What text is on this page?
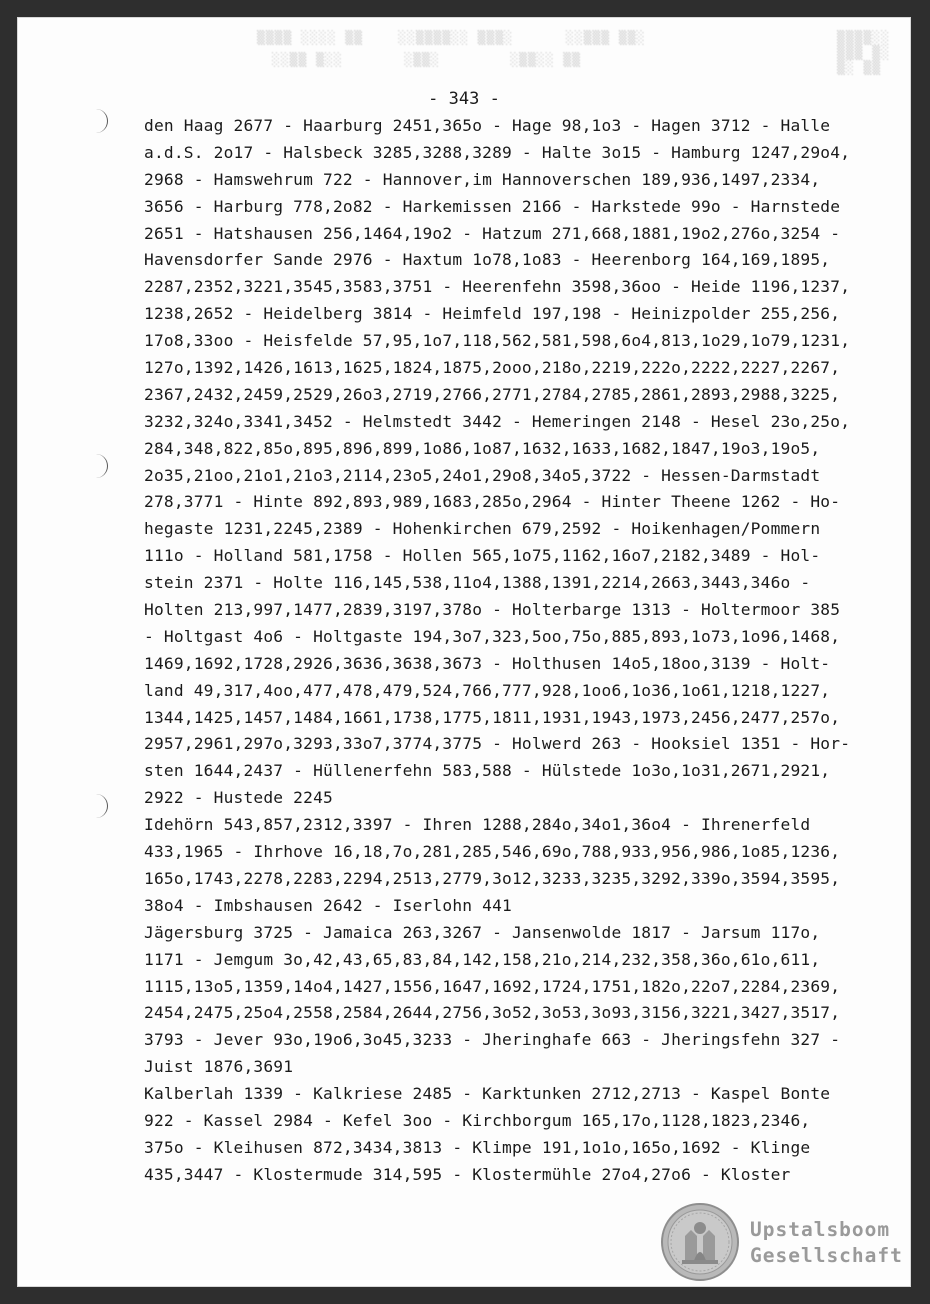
▒▒▒▒ ░░░░ ▒▒    ░░▒▒▒▒░░ ▒▒▒░      ░░▒▒▒ ▒▒░
░░▒▒ ▒░░       ░▒▒░        ░▒▒░░ ▒▒
▒▒▒▒░░
▒▒▒ ▒░
▒░ ▒▒
- 343 -
den Haag 2677 - Haarburg 2451,365o - Hage 98,1o3 - Hagen 3712 - Halle
a.d.S. 2o17 - Halsbeck 3285,3288,3289 - Halte 3o15 - Hamburg 1247,29o4,
2968 - Hamswehrum 722 - Hannover,im Hannoverschen 189,936,1497,2334,
3656 - Harburg 778,2o82 - Harkemissen 2166 - Harkstede 99o - Harnstede
2651 - Hatshausen 256,1464,19o2 - Hatzum 271,668,1881,19o2,276o,3254 -
Havensdorfer Sande 2976 - Haxtum 1o78,1o83 - Heerenborg 164,169,1895,
2287,2352,3221,3545,3583,3751 - Heerenfehn 3598,36oo - Heide 1196,1237,
1238,2652 - Heidelberg 3814 - Heimfeld 197,198 - Heinizpolder 255,256,
17o8,33oo - Heisfelde 57,95,1o7,118,562,581,598,6o4,813,1o29,1o79,1231,
127o,1392,1426,1613,1625,1824,1875,2ooo,218o,2219,222o,2222,2227,2267,
2367,2432,2459,2529,26o3,2719,2766,2771,2784,2785,2861,2893,2988,3225,
3232,324o,3341,3452 - Helmstedt 3442 - Hemeringen 2148 - Hesel 23o,25o,
284,348,822,85o,895,896,899,1o86,1o87,1632,1633,1682,1847,19o3,19o5,
2o35,21oo,21o1,21o3,2114,23o5,24o1,29o8,34o5,3722 - Hessen-Darmstadt
278,3771 - Hinte 892,893,989,1683,285o,2964 - Hinter Theene 1262 - Ho-
hegaste 1231,2245,2389 - Hohenkirchen 679,2592 - Hoikenhagen/Pommern
111o - Holland 581,1758 - Hollen 565,1o75,1162,16o7,2182,3489 - Hol-
stein 2371 - Holte 116,145,538,11o4,1388,1391,2214,2663,3443,346o -
Holten 213,997,1477,2839,3197,378o - Holterbarge 1313 - Holtermoor 385
- Holtgast 4o6 - Holtgaste 194,3o7,323,5oo,75o,885,893,1o73,1o96,1468,
1469,1692,1728,2926,3636,3638,3673 - Holthusen 14o5,18oo,3139 - Holt-
land 49,317,4oo,477,478,479,524,766,777,928,1oo6,1o36,1o61,1218,1227,
1344,1425,1457,1484,1661,1738,1775,1811,1931,1943,1973,2456,2477,257o,
2957,2961,297o,3293,33o7,3774,3775 - Holwerd 263 - Hooksiel 1351 - Hor-
sten 1644,2437 - Hüllenerfehn 583,588 - Hülstede 1o3o,1o31,2671,2921,
2922 - Hustede 2245
Idehörn 543,857,2312,3397 - Ihren 1288,284o,34o1,36o4 - Ihrenerfeld
433,1965 - Ihrhove 16,18,7o,281,285,546,69o,788,933,956,986,1o85,1236,
165o,1743,2278,2283,2294,2513,2779,3o12,3233,3235,3292,339o,3594,3595,
38o4 - Imbshausen 2642 - Iserlohn 441
Jägersburg 3725 - Jamaica 263,3267 - Jansenwolde 1817 - Jarsum 117o,
1171 - Jemgum 3o,42,43,65,83,84,142,158,21o,214,232,358,36o,61o,611,
1115,13o5,1359,14o4,1427,1556,1647,1692,1724,1751,182o,22o7,2284,2369,
2454,2475,25o4,2558,2584,2644,2756,3o52,3o53,3o93,3156,3221,3427,3517,
3793 - Jever 93o,19o6,3o45,3233 - Jheringhafe 663 - Jheringsfehn 327 -
Juist 1876,3691
Kalberlah 1339 - Kalkriese 2485 - Karktunken 2712,2713 - Kaspel Bonte
922 - Kassel 2984 - Kefel 3oo - Kirchborgum 165,17o,1128,1823,2346,
375o - Kleihusen 872,3434,3813 - Klimpe 191,1o1o,165o,1692 - Klinge
435,3447 - Klostermude 314,595 - Klostermühle 27o4,27o6 - Kloster
Upstalsboom
Gesellschaft
